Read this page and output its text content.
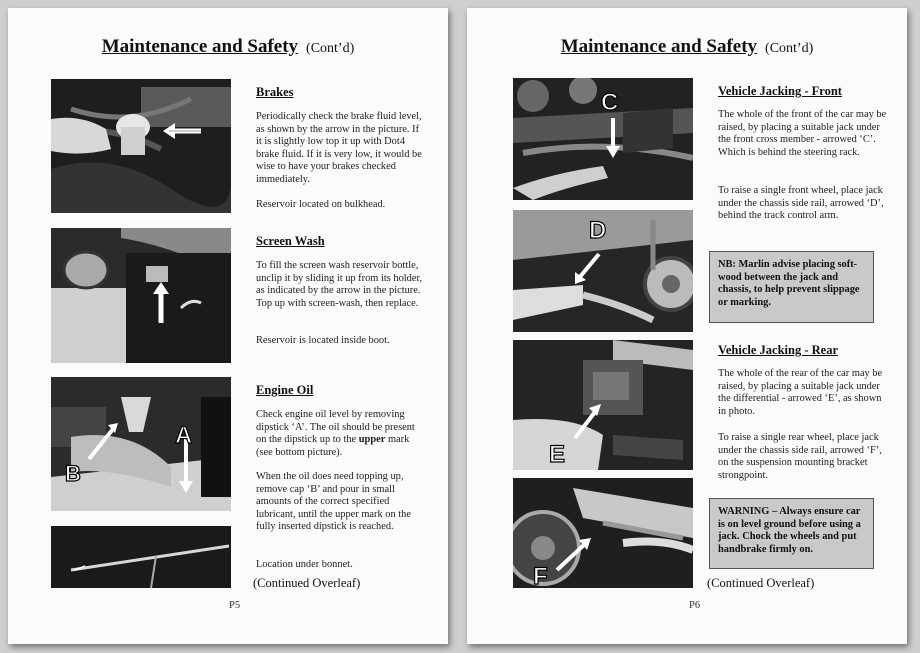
Maintenance and Safety (Cont’d)
Brakes

Periodically check the brake fluid level, as shown by the arrow in the picture. If it is slightly low top it up with Dot4 brake fluid. If it is very low, it would be wise to have your brakes checked immediately.

Reservoir located on bulkhead.

Screen Wash

To fill the screen wash reservoir bottle, unclip it by sliding it up from its holder, as indicated by the arrow in the picture. Top up with screen-wash, then replace.

Reservoir is located inside boot.

A
B
Engine Oil

Check engine oil level by removing dipstick ‘A’. The oil should be present on the dipstick up to the upper mark (see bottom picture).

When the oil does need topping up, remove cap ‘B’ and pour in small amounts of the correct specified lubricant, until the upper mark on the fully inserted dipstick is reached.

Location under bonnet.

(Continued Overleaf)
P5
Maintenance and Safety (Cont’d)
C	Vehicle Jacking - Front

The whole of the front of the car may be raised, by placing a suitable jack under the front cross member - arrowed ‘C’. Which is behind the steering rack.

To raise a single front wheel, place jack under the chassis side rail, arrowed ‘D’, behind the track control arm.

D
NB: Marlin advise placing soft-wood between the jack and chassis, to help prevent slippage or marking.
E
Vehicle Jacking - Rear

The whole of the rear of the car may be raised, by placing a suitable jack under the differential - arrowed ‘E’, as shown in photo.

To raise a single rear wheel, place jack under the chassis side rail, arrowed ‘F’, on the suspension mounting bracket strongpoint.

F
WARNING – Always ensure car is on level ground before using a jack. Chock the wheels and put handbrake firmly on.
(Continued Overleaf)
P6
